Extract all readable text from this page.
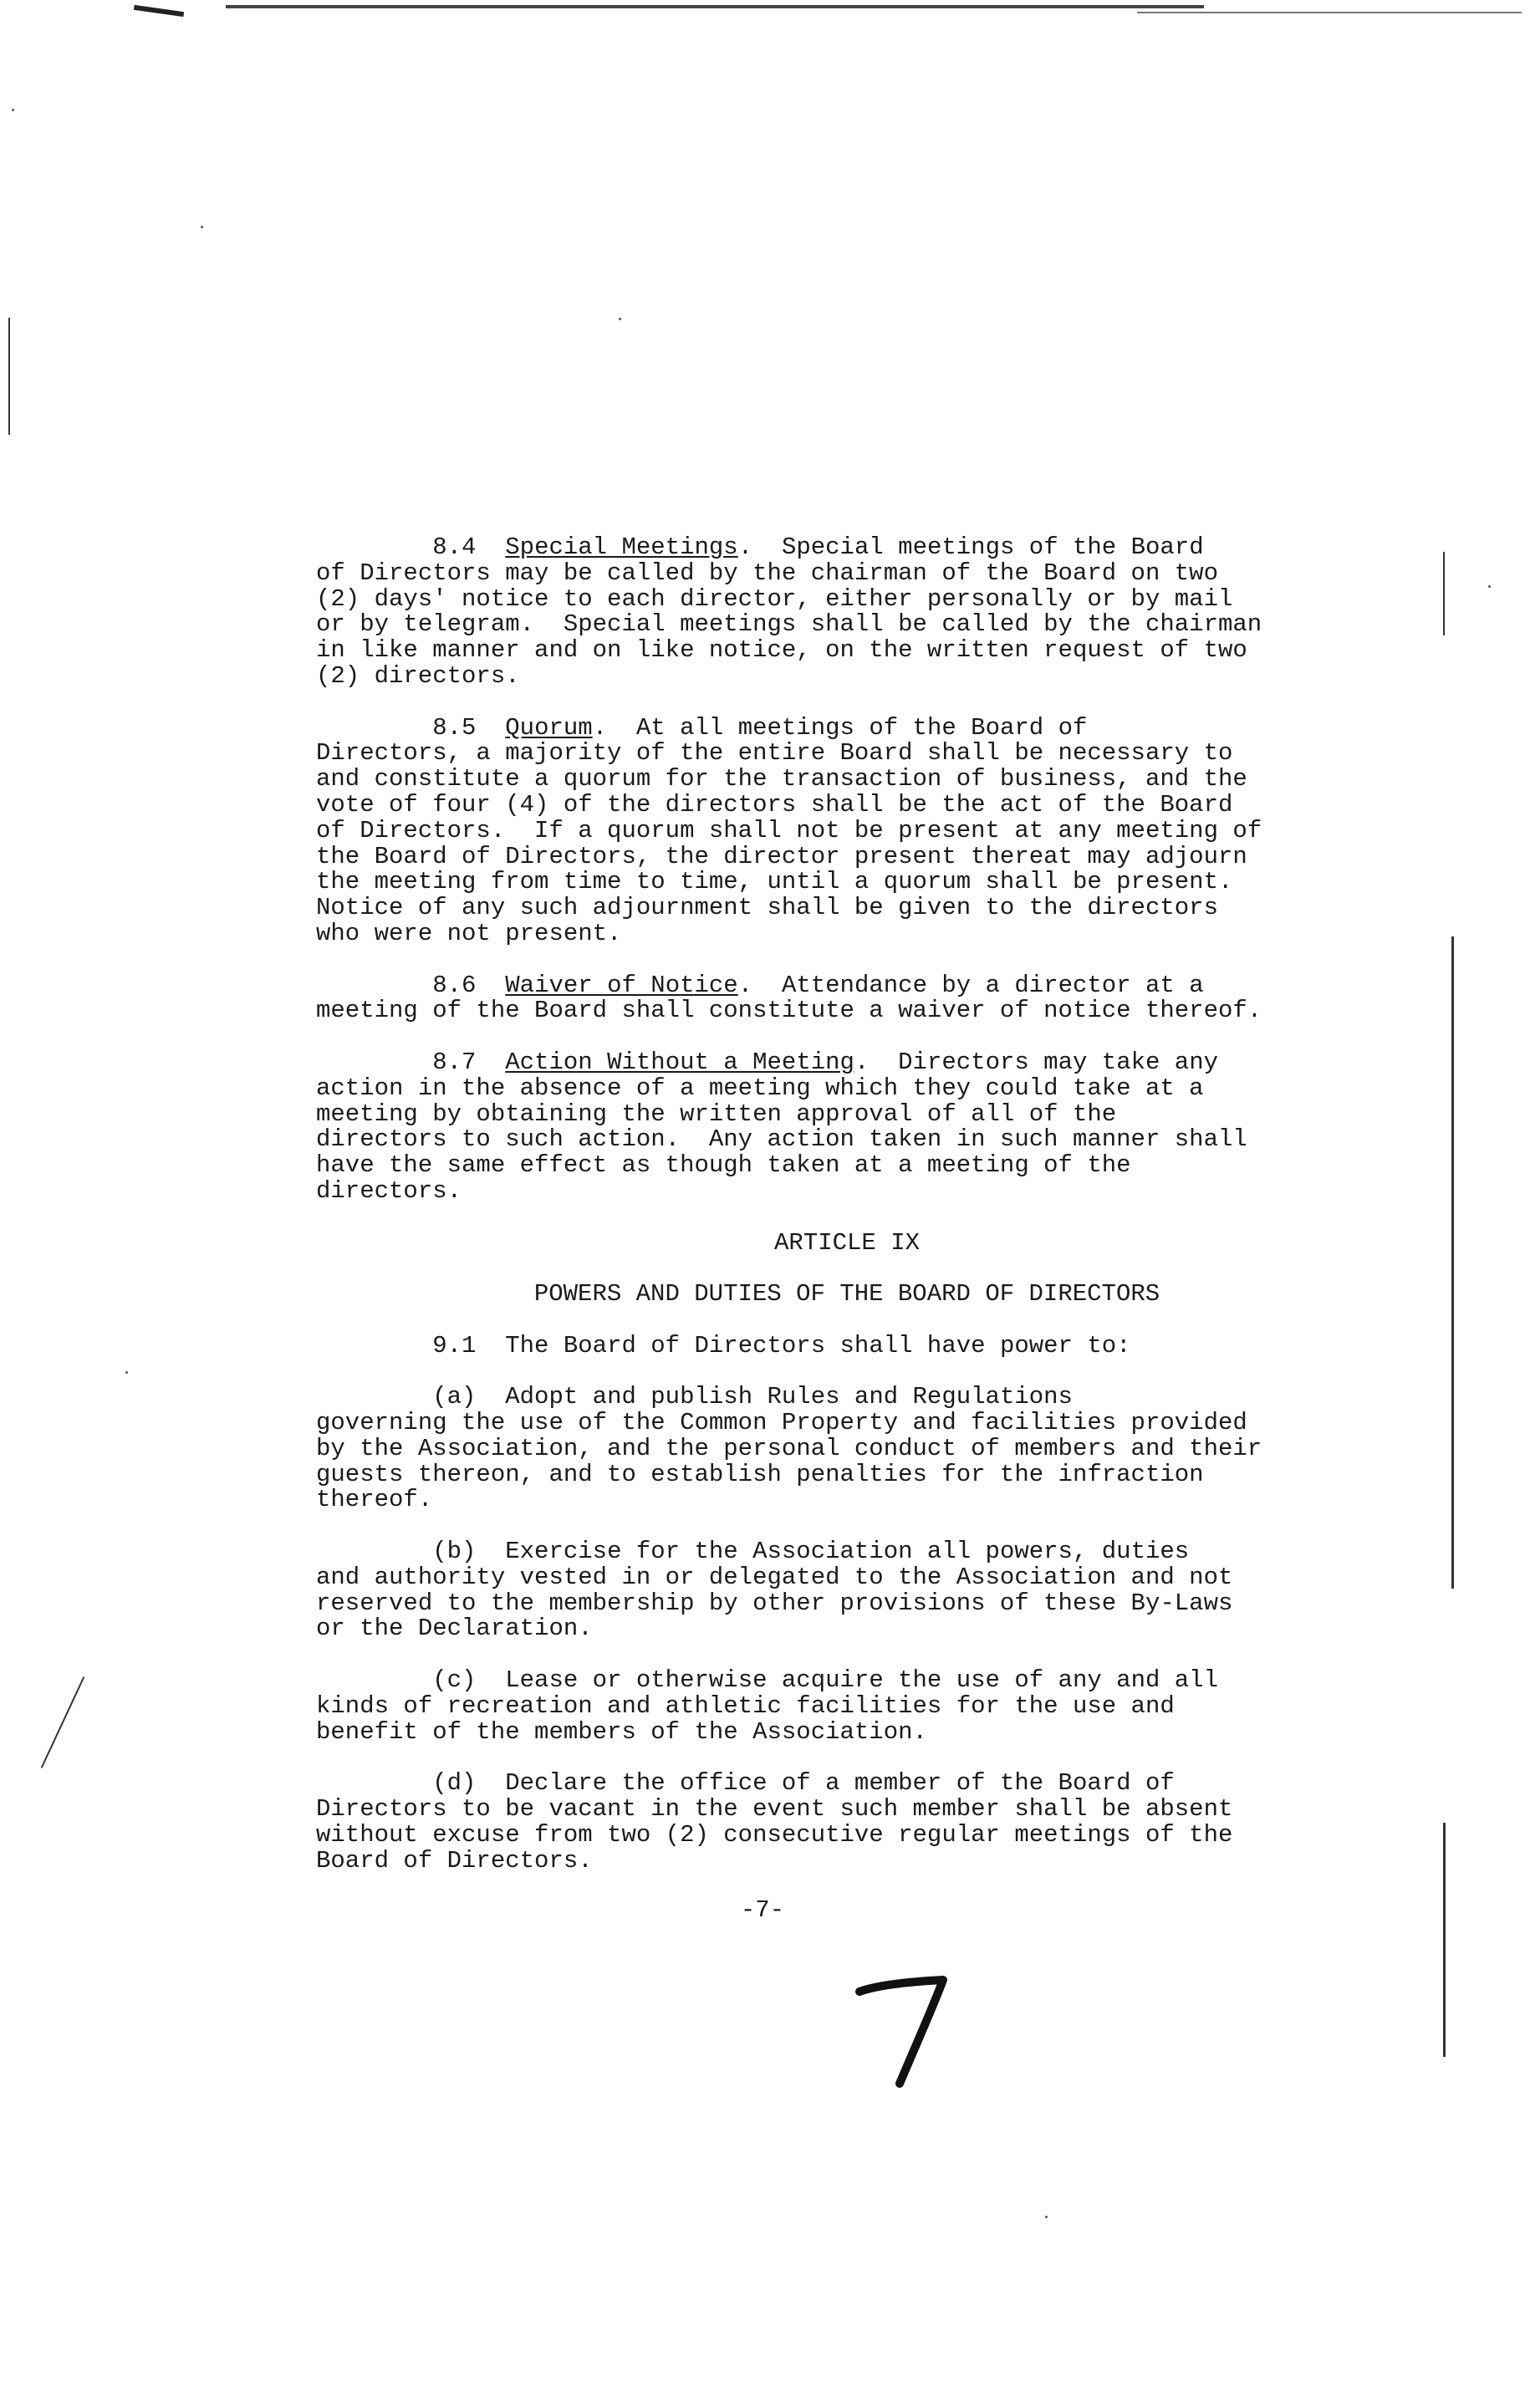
8.4 Special Meetings.  Special meetings of the Board
of Directors may be called by the chairman of the Board on two
(2) days' notice to each director, either personally or by mail
or by telegram.  Special meetings shall be called by the chairman
in like manner and on like notice, on the written request of two
(2) directors.
8.5 Quorum.  At all meetings of the Board of
Directors, a majority of the entire Board shall be necessary to
and constitute a quorum for the transaction of business, and the
vote of four (4) of the directors shall be the act of the Board
of Directors.  If a quorum shall not be present at any meeting of
the Board of Directors, the director present thereat may adjourn
the meeting from time to time, until a quorum shall be present.
Notice of any such adjournment shall be given to the directors
who were not present.
8.6 Waiver of Notice.  Attendance by a director at a
meeting of the Board shall constitute a waiver of notice thereof.
8.7 Action Without a Meeting.  Directors may take any
action in the absence of a meeting which they could take at a
meeting by obtaining the written approval of all of the
directors to such action.  Any action taken in such manner shall
have the same effect as though taken at a meeting of the
directors.
ARTICLE IX
POWERS AND DUTIES OF THE BOARD OF DIRECTORS
9.1  The Board of Directors shall have power to:
(a)  Adopt and publish Rules and Regulations
governing the use of the Common Property and facilities provided
by the Association, and the personal conduct of members and their
guests thereon, and to establish penalties for the infraction
thereof.
(b)  Exercise for the Association all powers, duties
and authority vested in or delegated to the Association and not
reserved to the membership by other provisions of these By-Laws
or the Declaration.
(c)  Lease or otherwise acquire the use of any and all
kinds of recreation and athletic facilities for the use and
benefit of the members of the Association.
(d)  Declare the office of a member of the Board of
Directors to be vacant in the event such member shall be absent
without excuse from two (2) consecutive regular meetings of the
Board of Directors.
-7-
